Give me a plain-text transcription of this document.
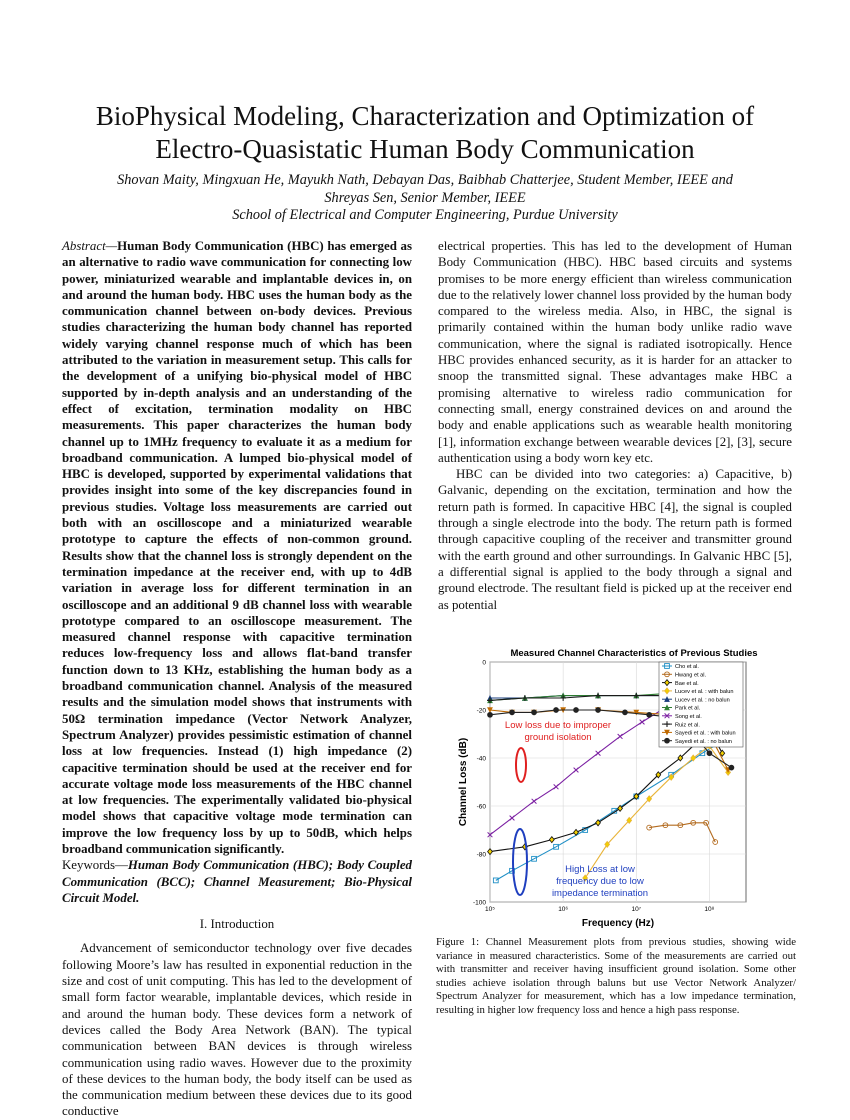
BioPhysical Modeling, Characterization and Optimization of
Electro-Quasistatic Human Body Communication

Shovan Maity, Mingxuan He, Mayukh Nath, Debayan Das, Baibhab Chatterjee, Student Member, IEEE and
Shreyas Sen, Senior Member, IEEE
School of Electrical and Computer Engineering, Purdue University

Abstract—Human Body Communication (HBC) has emerged as an alternative to radio wave communication for connecting low power, miniaturized wearable and implantable devices in, on and around the human body. HBC uses the human body as the communication channel between on-body devices. Previous studies characterizing the human body channel has reported widely varying channel response much of which has been attributed to the variation in measurement setup. This calls for the development of a unifying bio-physical model of HBC supported by in-depth analysis and an understanding of the effect of excitation, termination modality on HBC measurements. This paper characterizes the human body channel up to 1MHz frequency to evaluate it as a medium for broadband communication. A lumped bio-physical model of HBC is developed, supported by experimental validations that provides insight into some of the key discrepancies found in previous studies. Voltage loss measurements are carried out both with an oscilloscope and a miniaturized wearable prototype to capture the effects of non-common ground. Results show that the channel loss is strongly dependent on the termination impedance at the receiver end, with up to 4dB variation in average loss for different termination in an oscilloscope and an additional 9 dB channel loss with wearable prototype compared to an oscilloscope measurement. The measured channel response with capacitive termination reduces low-frequency loss and allows flat-band transfer function down to 13 KHz, establishing the human body as a broadband communication channel. Analysis of the measured results and the simulation model shows that instruments with 50Ω termination impedance (Vector Network Analyzer, Spectrum Analyzer) provides pessimistic estimation of channel loss at low frequencies. Instead (1) high impedance (2) capacitive termination should be used at the receiver end for accurate voltage mode loss measurements of the HBC channel at low frequencies. The experimentally validated bio-physical model shows that capacitive voltage mode termination can improve the low frequency loss by up to 50dB, which helps broadband communication significantly.

Keywords—Human Body Communication (HBC); Body Coupled Communication (BCC); Channel Measurement; Bio-Physical Circuit Model.

I. Introduction

Advancement of semiconductor technology over five decades following Moore’s law has resulted in exponential reduction in the size and cost of unit computing. This has led to the development of small form factor wearable, implantable devices, which reside in and around the human body. These devices form a network of devices called the Body Area Network (BAN). The typical communication between BAN devices is through wireless communication using radio waves. However due to the proximity of these devices to the human body, the body itself can be used as the communication medium between these devices due to its good conductive

electrical properties. This has led to the development of Human Body Communication (HBC). HBC based circuits and systems promises to be more energy efficient than wireless communication due to the relatively lower channel loss provided by the human body compared to the wireless media. Also, in HBC, the signal is primarily contained within the human body unlike radio wave communication, where the signal is radiated isotropically. Hence HBC provides enhanced security, as it is harder for an attacker to snoop the transmitted signal. These advantages make HBC a promising alternative to wireless radio communication for connecting small, energy constrained devices on and around the body and enable applications such as wearable health monitoring [1], information exchange between wearable devices [2], [3], secure authentication using a body worn key etc.

HBC can be divided into two categories: a) Capacitive, b) Galvanic, depending on the excitation, termination and how the return path is formed. In capacitive HBC [4], the signal is coupled through a single electrode into the body. The return path is formed through capacitive coupling of the receiver and transmitter ground with the earth ground and other surroundings. In Galvanic HBC [5], a differential signal is applied to the body through a signal and ground electrode. The resultant field is picked up at the receiver end as potential

Measured Channel Characteristics of Previous Studies
-100
-80
-60
-40
-20
0
10⁵	10⁶	10⁷	10⁸
Low loss due to improper
ground isolation
High Loss at low
frequency due to low
impedance termination
Cho et al.
Hwang et al.
Bae et al.
Lucev et al. : with balun
Lucev et al. : no balun
Park et al.
Song et al.
Ruiz et al.
Sayedi et al. : with balun
Sayedi et al. : no balun
Frequency (Hz)
Channel Loss (dB)

Figure 1: Channel Measurement plots from previous studies, showing wide variance in measured characteristics. Some of the measurements are carried out with transmitter and receiver having insufficient ground isolation. Some other studies achieve isolation through baluns but use Vector Network Analyzer/ Spectrum Analyzer for measurement, which has a low impedance termination, resulting in higher low frequency loss and hence a high pass response.
